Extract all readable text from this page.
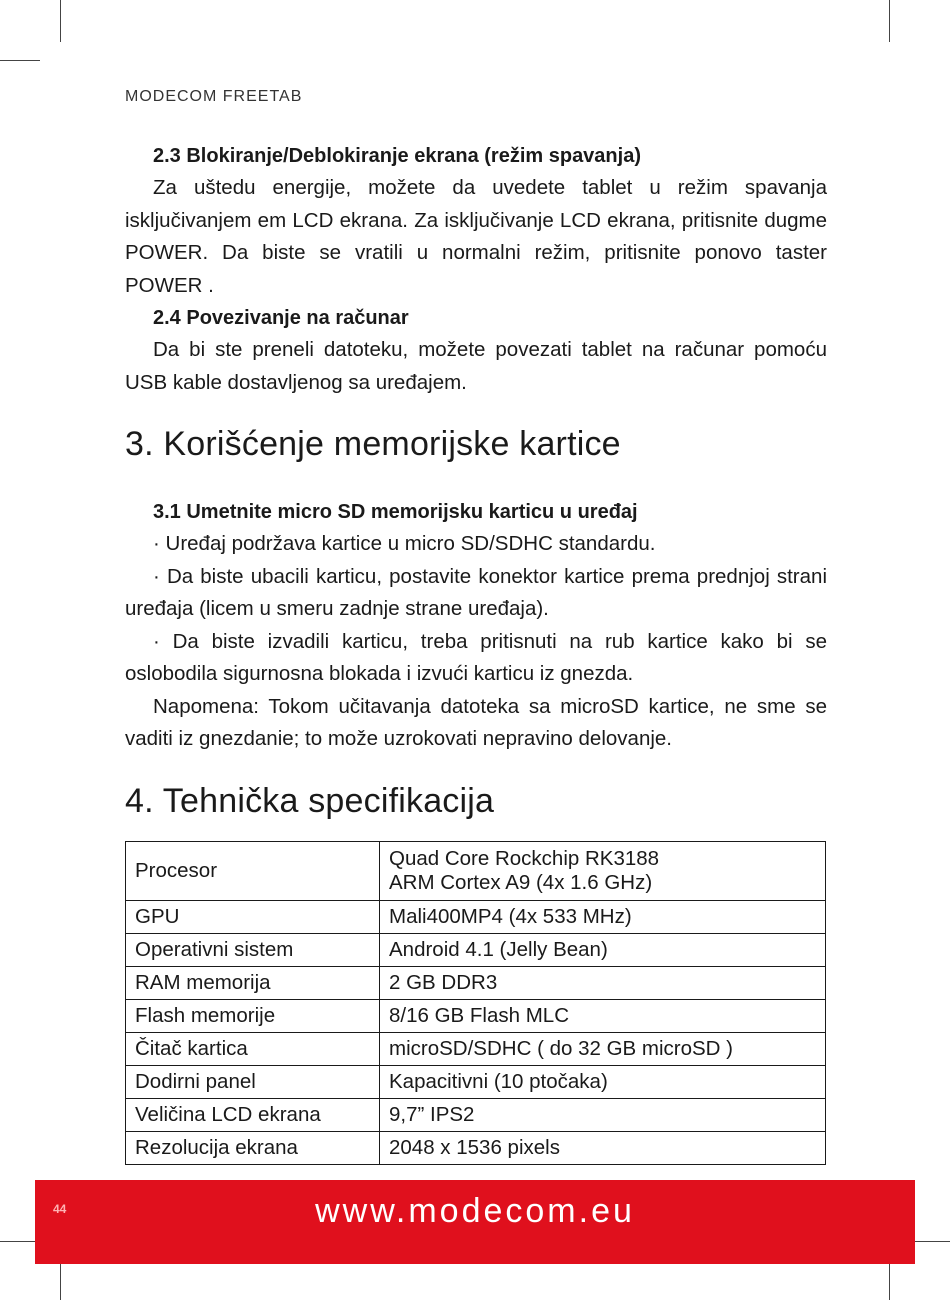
MODECOM FREETAB

2.3 Blokiranje/Deblokiranje ekrana (režim spavanja)

Za uštedu energije, možete da uvedete tablet u režim spavanja isključivanjem em LCD ekrana. Za isključivanje LCD ekrana, pritisnite dugme POWER. Da biste se vratili u normalni režim, pritisnite ponovo taster POWER .

2.4 Povezivanje na računar

Da bi ste preneli datoteku, možete povezati tablet na računar pomoću USB kable dostavljenog sa uređajem.

3. Korišćenje memorijske kartice

3.1 Umetnite micro SD memorijsku karticu u uređaj

· Uređaj podržava kartice u micro SD/SDHC standardu.

· Da biste ubacili karticu, postavite konektor kartice prema prednjoj strani uređaja (licem u smeru zadnje strane uređaja).

· Da biste izvadili karticu, treba pritisnuti na rub kartice kako bi se oslobodila sigurnosna blokada i izvući karticu iz gnezda.

Napomena: Tokom učitavanja datoteka sa microSD kartice, ne sme se vaditi iz gnezdanie; to može uzrokovati nepravino delovanje.

4. Tehnička specifikacija
Procesor	Quad Core Rockchip RK3188
ARM Cortex A9 (4x 1.6 GHz)

GPU	Mali400MP4 (4x 533 MHz)
Operativni sistem	Android 4.1 (Jelly Bean)
RAM memorija	2 GB DDR3
Flash memorije	8/16 GB Flash MLC
Čitač kartica	microSD/SDHC ( do 32 GB microSD )
Dodirni panel	Kapacitivni (10 ptočaka)
Veličina LCD ekrana	9,7” IPS2
Rezolucija ekrana	2048 x 1536 pixels
44	www.modecom.eu
